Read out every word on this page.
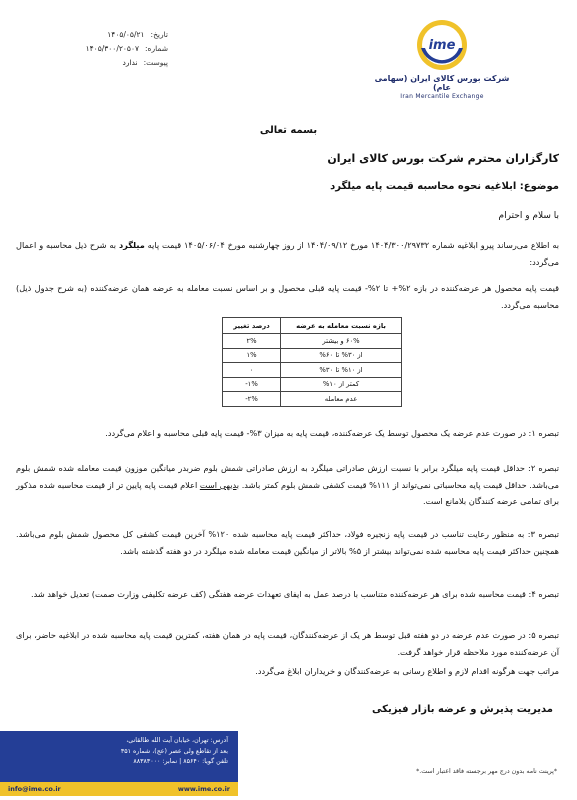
تاریخ:
۱۴۰۵/۰۵/۲۱
شماره:
۱۴۰۵/۳۰۰/۲۰۵۰۷
پیوست:
ندارد
ime
شرکت بورس کالای ایران (سهامی عام)
Iran Mercantile Exchange
بسمه تعالی
کارگزاران محترم شرکت بورس کالای ایران
موضوع: ابلاغیه نحوه محاسبه قیمت پایه میلگرد
با سلام و احترام
به اطلاع می‌رساند پیرو ابلاغیه شماره ۱۴۰۴/۳۰۰/۲۹۷۳۲ مورخ ۱۴۰۴/۰۹/۱۲ از روز چهارشنبه مورخ ۱۴۰۵/۰۶/۰۴ قیمت پایه میلگرد به شرح ذیل محاسبه و اعمال می‌گردد:
قیمت پایه محصول هر عرضه‌کننده در بازه ۲%+ تا ۲%- قیمت پایه قبلی محصول و بر اساس نسبت معامله به عرضه همان عرضه‌کننده (به شرح جدول ذیل) محاسبه می‌گردد.
بازه نسبت معامله به عرضه	درصد تغییر
۶۰% و بیشتر	۲%
از ۳۰% تا ۶۰%	۱%
از ۱۰% تا ۳۰%	۰
کمتر از ۱۰%	۱%-
عدم معامله	۲%-
تبصره ۱: در صورت عدم عرضه یک محصول توسط یک عرضه‌کننده، قیمت پایه به میزان ۳%- قیمت پایه قبلی محاسبه و اعلام می‌گردد.
تبصره ۲: حداقل قیمت پایه میلگرد برابر با نسبت ارزش صادراتی میلگرد به ارزش صادراتی شمش بلوم ضربدر میانگین موزون قیمت معامله شده شمش بلوم می‌باشد. حداقل قیمت پایه محاسباتی نمی‌تواند از ۱۱۱% قیمت کشفی شمش بلوم کمتر باشد. بدیهی است اعلام قیمت پایه پایین تر از قیمت محاسبه شده مذکور برای تمامی عرضه کنندگان بلامانع است.
تبصره ۳: به منظور رعایت تناسب در قیمت پایه زنجیره فولاد، حداکثر قیمت پایه محاسبه شده ۱۲۰% آخرین قیمت کشفی کل محصول شمش بلوم می‌باشد. همچنین حداکثر قیمت پایه محاسبه شده نمی‌تواند بیشتر از ۵% بالاتر از میانگین قیمت معامله شده میلگرد در دو هفته گذشته باشد.
تبصره ۴: قیمت محاسبه شده برای هر عرضه‌کننده متناسب با درصد عمل به ایفای تعهدات عرضه هفتگی (کف عرضه تکلیفی وزارت صمت) تعدیل خواهد شد.
تبصره ۵: در صورت عدم عرضه در دو هفته قبل توسط هر یک از عرضه‌کنندگان، قیمت پایه در همان هفته، کمترین قیمت پایه محاسبه شده در ابلاغیه حاضر، برای آن عرضه‌کننده مورد ملاحظه قرار خواهد گرفت.
مراتب جهت هرگونه اقدام لازم و اطلاع رسانی به عرضه‌کنندگان و خریداران ابلاغ می‌گردد.
مدیریت پذیرش و عرضه بازار فیزیکی
آدرس: تهران، خیابان آیت الله طالقانی،
بعد از تقاطع ولی عصر (عج)، شماره ۳۵۱
تلفن گویا: ۸۵۶۴۰ | نمابر: ۸۸۳۸۳۰۰۰
info@ime.co.ir	www.ime.co.ir
*پرینت نامه بدون درج مهر برجسته فاقد اعتبار است.*
